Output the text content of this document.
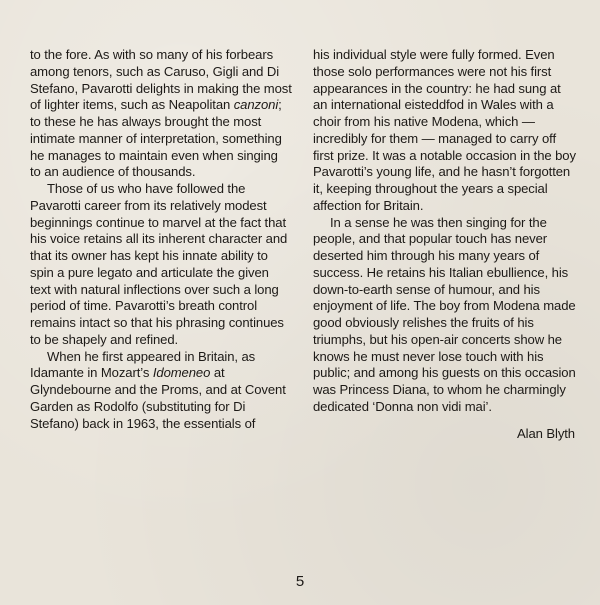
to the fore. As with so many of his forbears among tenors, such as Caruso, Gigli and Di Stefano, Pavarotti delights in making the most of lighter items, such as Neapolitan canzoni; to these he has always brought the most intimate manner of interpretation, something he manages to maintain even when singing to an audience of thousands.

Those of us who have followed the Pavarotti career from its relatively modest beginnings continue to marvel at the fact that his voice retains all its inherent character and that its owner has kept his innate ability to spin a pure legato and articulate the given text with natural inflections over such a long period of time. Pavarotti’s breath control remains intact so that his phrasing continues to be shapely and refined.

When he first appeared in Britain, as Idamante in Mozart’s Idomeneo at Glyndebourne and the Proms, and at Covent Garden as Rodolfo (substituting for Di Stefano) back in 1963, the essentials of

his individual style were fully formed. Even those solo performances were not his first appearances in the country: he had sung at an international eisteddfod in Wales with a choir from his native Modena, which — incredibly for them — managed to carry off first prize. It was a notable occasion in the boy Pavarotti’s young life, and he hasn’t forgotten it, keeping throughout the years a special affection for Britain.

In a sense he was then singing for the people, and that popular touch has never deserted him through his many years of success. He retains his Italian ebullience, his down-to-earth sense of humour, and his enjoyment of life. The boy from Modena made good obviously relishes the fruits of his triumphs, but his open-air concerts show he knows he must never lose touch with his public; and among his guests on this occasion was Princess Diana, to whom he charmingly dedicated ‘Donna non vidi mai’.

Alan Blyth
5
